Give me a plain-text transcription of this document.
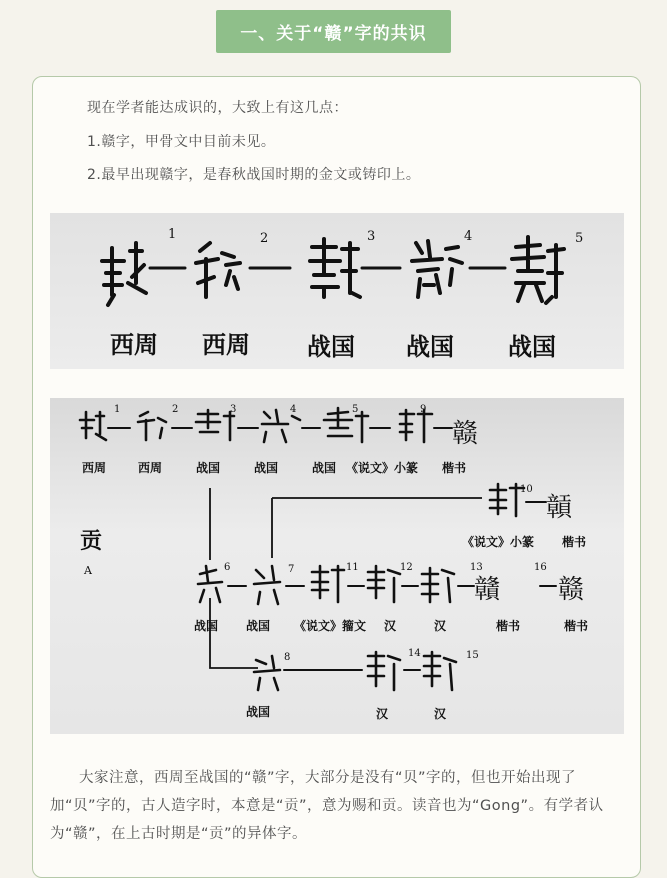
一、关于“赣”字的共识
现在学者能达成识的，大致上有这几点：
1.赣字，甲骨文中目前未见。
2.最早出现赣字，是春秋战国时期的金文或铸印上。
1	2	3	4	5
西周 西周 战国 战国 战国
赣
1	2	3	4	5	9
西周	西周	战国	战国	战国 《说文》小篆 楷书
贡
A
10
贑
《说文》小篆 楷书
贛 赣
6	7	11	12	13	16
战国 战国 《说文》籀文 汉	汉	楷书	楷书
8	14	15
战国	汉	汉
大家注意，西周至战国的“赣”字，大部分是没有“贝”字的，但也开始出现了加“贝”字的，古人造字时，本意是“贡”，意为赐和贡。读音也为“Gong”。有学者认为“赣”，在上古时期是“贡”的异体字。
